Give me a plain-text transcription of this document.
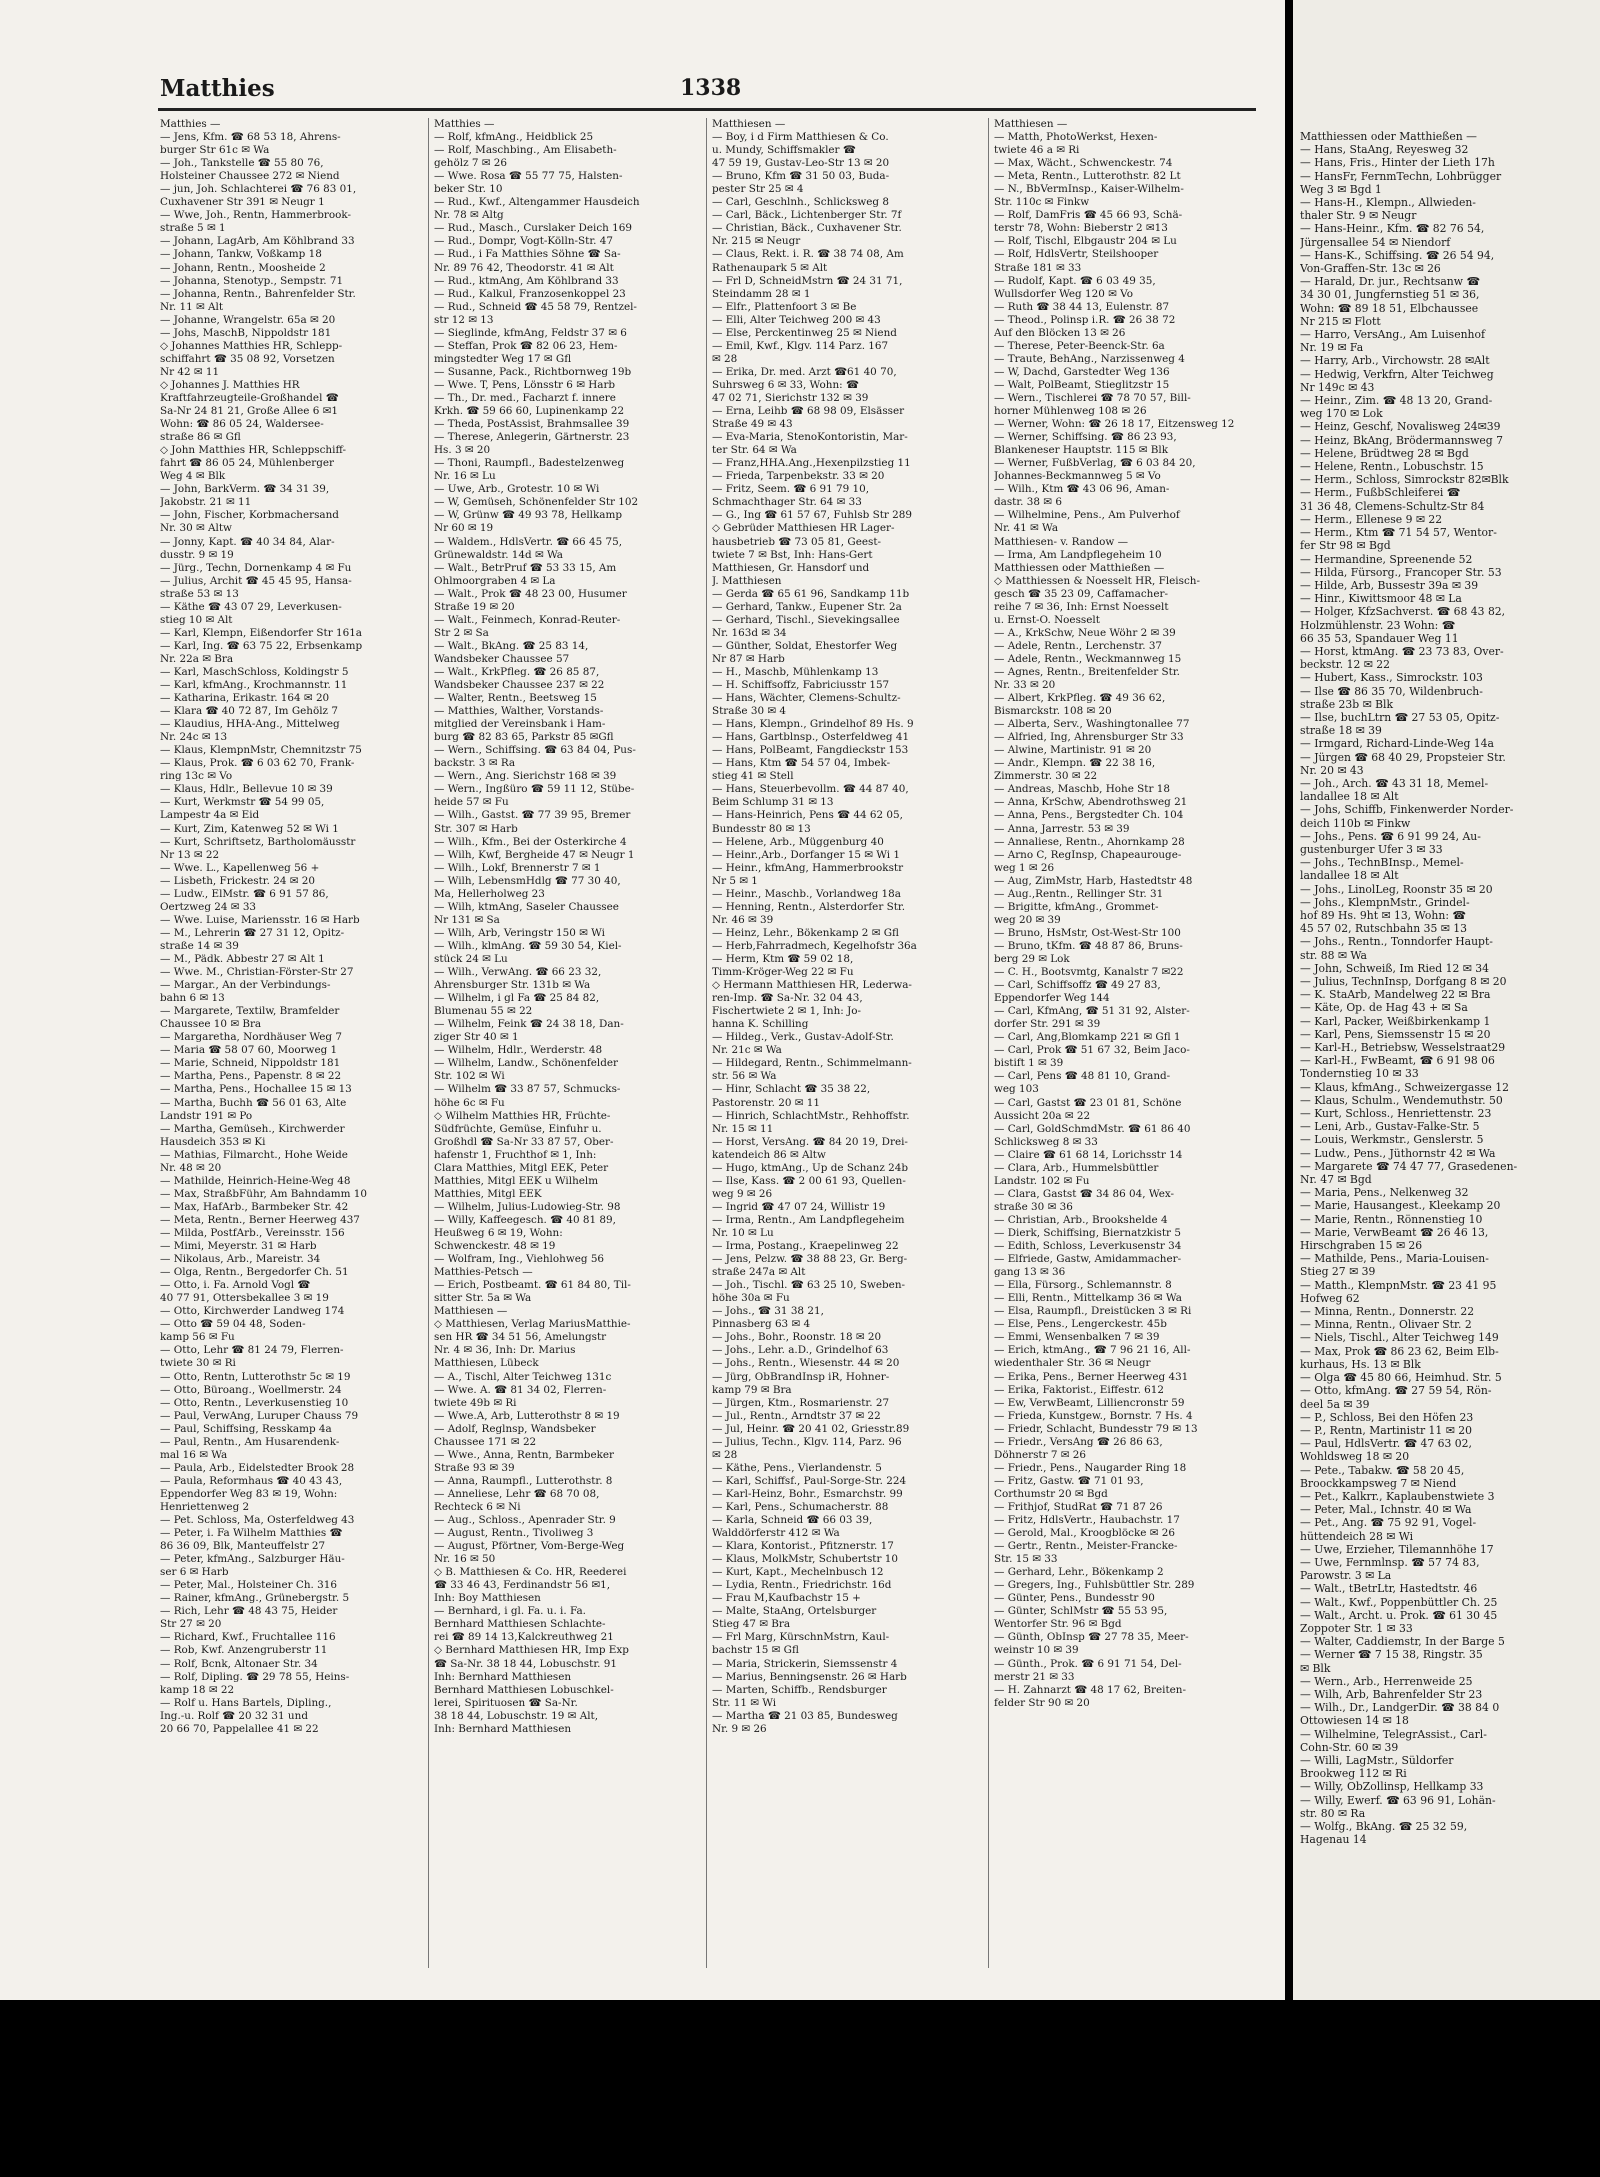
Matthies	1338
Matthies —
— Jens, Kfm. ☎ 68 53 18, Ahrens-
burger Str 61c ✉ Wa
— Joh., Tankstelle ☎ 55 80 76,
Holsteiner Chaussee 272 ✉ Niend
— jun, Joh. Schlachterei ☎ 76 83 01,
Cuxhavener Str 391 ✉ Neugr 1
— Wwe, Joh., Rentn, Hammerbrook-
straße 5 ✉ 1
— Johann, LagArb, Am Köhlbrand 33
— Johann, Tankw, Voßkamp 18
— Johann, Rentn., Moosheide 2
— Johanna, Stenotyp., Sempstr. 71
— Johanna, Rentn., Bahrenfelder Str.
Nr. 11 ✉ Alt
— Johanne, Wrangelstr. 65a ✉ 20
— Johs, MaschB, Nippoldstr 181
◇ Johannes Matthies HR, Schlepp-
schiffahrt ☎ 35 08 92, Vorsetzen
Nr 42 ✉ 11
◇ Johannes J. Matthies HR
Kraftfahrzeugteile-Großhandel ☎
Sa-Nr 24 81 21, Große Allee 6 ✉1
Wohn: ☎ 86 05 24, Waldersee-
straße 86 ✉ Gfl
◇ John Matthies HR, Schleppschiff-
fahrt ☎ 86 05 24, Mühlenberger
Weg 4 ✉ Blk
— John, BarkVerm. ☎ 34 31 39,
Jakobstr. 21 ✉ 11
— John, Fischer, Korbmachersand
Nr. 30 ✉ Altw
— Jonny, Kapt. ☎ 40 34 84, Alar-
dusstr. 9 ✉ 19
— Jürg., Techn, Dornenkamp 4 ✉ Fu
— Julius, Archit ☎ 45 45 95, Hansa-
straße 53 ✉ 13
— Käthe ☎ 43 07 29, Leverkusen-
stieg 10 ✉ Alt
— Karl, Klempn, Eißendorfer Str 161a
— Karl, Ing. ☎ 63 75 22, Erbsenkamp
Nr. 22a ✉ Bra
— Karl, MaschSchloss, Koldingstr 5
— Karl, kfmAng., Krochmannstr. 11
— Katharina, Erikastr. 164 ✉ 20
— Klara ☎ 40 72 87, Im Gehölz 7
— Klaudius, HHA-Ang., Mittelweg
Nr. 24c ✉ 13
— Klaus, KlempnMstr, Chemnitzstr 75
— Klaus, Prok. ☎ 6 03 62 70, Frank-
ring 13c ✉ Vo
— Klaus, Hdlr., Bellevue 10 ✉ 39
— Kurt, Werkmstr ☎ 54 99 05,
Lampestr 4a ✉ Eid
— Kurt, Zim, Katenweg 52 ✉ Wi 1
— Kurt, Schriftsetz, Bartholomäusstr
Nr 13 ✉ 22
— Wwe. L., Kapellenweg 56 +
— Lisbeth, Frickestr. 24 ✉ 20
— Ludw., ElMstr. ☎ 6 91 57 86,
Oertzweg 24 ✉ 33
— Wwe. Luise, Mariensstr. 16 ✉ Harb
— M., Lehrerin ☎ 27 31 12, Opitz-
straße 14 ✉ 39
— M., Pädk. Abbestr 27 ✉ Alt 1
— Wwe. M., Christian-Förster-Str 27
— Margar., An der Verbindungs-
bahn 6 ✉ 13
— Margarete, Textilw, Bramfelder
Chaussee 10 ✉ Bra
— Margaretha, Nordhäuser Weg 7
— Maria ☎ 58 07 60, Moorweg 1
— Marie, Schneid, Nippoldstr 181
— Martha, Pens., Papenstr. 8 ✉ 22
— Martha, Pens., Hochallee 15 ✉ 13
— Martha, Buchh ☎ 56 01 63, Alte
Landstr 191 ✉ Po
— Martha, Gemüseh., Kirchwerder
Hausdeich 353 ✉ Ki
— Mathias, Filmarcht., Hohe Weide
Nr. 48 ✉ 20
— Mathilde, Heinrich-Heine-Weg 48
— Max, StraßbFühr, Am Bahndamm 10
— Max, HafArb., Barmbeker Str. 42
— Meta, Rentn., Berner Heerweg 437
— Milda, PostfArb., Vereinsstr. 156
— Mimi, Meyerstr. 31 ✉ Harb
— Nikolaus, Arb., Mareistr. 34
— Olga, Rentn., Bergedorfer Ch. 51
— Otto, i. Fa. Arnold Vogl ☎
40 77 91, Ottersbekallee 3 ✉ 19
— Otto, Kirchwerder Landweg 174
— Otto ☎ 59 04 48, Soden-
kamp 56 ✉ Fu
— Otto, Lehr ☎ 81 24 79, Flerren-
twiete 30 ✉ Ri
— Otto, Rentn, Lutterothstr 5c ✉ 19
— Otto, Büroang., Woellmerstr. 24
— Otto, Rentn., Leverkusenstieg 10
— Paul, VerwAng, Luruper Chauss 79
— Paul, Schiffsing, Resskamp 4a
— Paul, Rentn., Am Husarendenk-
mal 16 ✉ Wa
— Paula, Arb., Eidelstedter Brook 28
— Paula, Reformhaus ☎ 40 43 43,
Eppendorfer Weg 83 ✉ 19, Wohn:
Henriettenweg 2
— Pet. Schloss, Ma, Osterfeldweg 43
— Peter, i. Fa Wilhelm Matthies ☎
86 36 09, Blk, Manteuffelstr 27
— Peter, kfmAng., Salzburger Häu-
ser 6 ✉ Harb
— Peter, Mal., Holsteiner Ch. 316
— Rainer, kfmAng., Grünebergstr. 5
— Rich, Lehr ☎ 48 43 75, Heider
Str 27 ✉ 20
— Richard, Kwf., Fruchtallee 116
— Rob, Kwf. Anzengruberstr 11
— Rolf, Bcnk, Altonaer Str. 34
— Rolf, Dipling. ☎ 29 78 55, Heins-
kamp 18 ✉ 22
— Rolf u. Hans Bartels, Dipling.,
Ing.-u. Rolf ☎ 20 32 31 und
20 66 70, Pappelallee 41 ✉ 22
Matthies —
— Rolf, kfmAng., Heidblick 25
— Rolf, Maschbing., Am Elisabeth-
gehölz 7 ✉ 26
— Wwe. Rosa ☎ 55 77 75, Halsten-
beker Str. 10
— Rud., Kwf., Altengammer Hausdeich
Nr. 78 ✉ Altg
— Rud., Masch., Curslaker Deich 169
— Rud., Dompr, Vogt-Kölln-Str. 47
— Rud., i Fa Matthies Söhne ☎ Sa-
Nr. 89 76 42, Theodorstr. 41 ✉ Alt
— Rud., ktmAng, Am Köhlbrand 33
— Rud., Kalkul, Franzosenkoppel 23
— Rud., Schneid ☎ 45 58 79, Rentzel-
str 12 ✉ 13
— Sieglinde, kfmAng, Feldstr 37 ✉ 6
— Steffan, Prok ☎ 82 06 23, Hem-
mingstedter Weg 17 ✉ Gfl
— Susanne, Pack., Richtbornweg 19b
— Wwe. T, Pens, Lönsstr 6 ✉ Harb
— Th., Dr. med., Facharzt f. innere
Krkh. ☎ 59 66 60, Lupinenkamp 22
— Theda, PostAssist, Brahmsallee 39
— Therese, Anlegerin, Gärtnerstr. 23
Hs. 3 ✉ 20
— Thoni, Raumpfl., Badestelzenweg
Nr. 16 ✉ Lu
— Uwe, Arb., Grotestr. 10 ✉ Wi
— W, Gemüseh, Schönenfelder Str 102
— W, Grünw ☎ 49 93 78, Hellkamp
Nr 60 ✉ 19
— Waldem., HdlsVertr. ☎ 66 45 75,
Grünewaldstr. 14d ✉ Wa
— Walt., BetrPruf ☎ 53 33 15, Am
Ohlmoorgraben 4 ✉ La
— Walt., Prok ☎ 48 23 00, Husumer
Straße 19 ✉ 20
— Walt., Feinmech, Konrad-Reuter-
Str 2 ✉ Sa
— Walt., BkAng. ☎ 25 83 14,
Wandsbeker Chaussee 57
— Walt., KrkPfleg. ☎ 26 85 87,
Wandsbeker Chaussee 237 ✉ 22
— Walter, Rentn., Beetsweg 15
— Matthies, Walther, Vorstands-
mitglied der Vereinsbank i Ham-
burg ☎ 82 83 65, Parkstr 85 ✉Gfl
— Wern., Schiffsing. ☎ 63 84 04, Pus-
backstr. 3 ✉ Ra
— Wern., Ang. Sierichstr 168 ✉ 39
— Wern., Ingßüro ☎ 59 11 12, Stübe-
heide 57 ✉ Fu
— Wilh., Gastst. ☎ 77 39 95, Bremer
Str. 307 ✉ Harb
— Wilh., Kfm., Bei der Osterkirche 4
— Wilh, Kwf, Bergheide 47 ✉ Neugr 1
— Wilh., Lokf, Brennerstr 7 ✉ 1
— Wilh, LebensmHdlg ☎ 77 30 40,
Ma, Hellerholweg 23
— Wilh, ktmAng, Saseler Chaussee
Nr 131 ✉ Sa
— Wilh, Arb, Veringstr 150 ✉ Wi
— Wilh., klmAng. ☎ 59 30 54, Kiel-
stück 24 ✉ Lu
— Wilh., VerwAng. ☎ 66 23 32,
Ahrensburger Str. 131b ✉ Wa
— Wilhelm, i gl Fa ☎ 25 84 82,
Blumenau 55 ✉ 22
— Wilhelm, Feink ☎ 24 38 18, Dan-
ziger Str 40 ✉ 1
— Wilhelm, Hdlr., Werderstr. 48
— Wilhelm, Landw., Schönenfelder
Str. 102 ✉ Wi
— Wilhelm ☎ 33 87 57, Schmucks-
höhe 6c ✉ Fu
◇ Wilhelm Matthies HR, Früchte-
Südfrüchte, Gemüse, Einfuhr u.
Großhdl ☎ Sa-Nr 33 87 57, Ober-
hafenstr 1, Fruchthof ✉ 1, Inh:
Clara Matthies, Mitgl EEK, Peter
Matthies, Mitgl EEK u Wilhelm
Matthies, Mitgl EEK
— Wilhelm, Julius-Ludowieg-Str. 98
— Willy, Kaffeegesch. ☎ 40 81 89,
Heußweg 6 ✉ 19, Wohn:
Schwenckestr. 48 ✉ 19
— Wolfram, Ing., Viehlohweg 56
Matthies-Petsch —
— Erich, Postbeamt. ☎ 61 84 80, Til-
sitter Str. 5a ✉ Wa
Matthiesen —
◇ Matthiesen, Verlag MariusMatthie-
sen HR ☎ 34 51 56, Amelungstr
Nr. 4 ✉ 36, Inh: Dr. Marius
Matthiesen, Lübeck
— A., Tischl, Alter Teichweg 131c
— Wwe. A. ☎ 81 34 02, Flerren-
twiete 49b ✉ Ri
— Wwe.A, Arb, Lutterothstr 8 ✉ 19
— Adolf, Reglnsp, Wandsbeker
Chaussee 171 ✉ 22
— Wwe., Anna, Rentn, Barmbeker
Straße 93 ✉ 39
— Anna, Raumpfl., Lutterothstr. 8
— Anneliese, Lehr ☎ 68 70 08,
Rechteck 6 ✉ Ni
— Aug., Schloss., Apenrader Str. 9
— August, Rentn., Tivoliweg 3
— August, Pförtner, Vom-Berge-Weg
Nr. 16 ✉ 50
◇ B. Matthiesen & Co. HR, Reederei
☎ 33 46 43, Ferdinandstr 56 ✉1,
Inh: Boy Matthiesen
— Bernhard, i gl. Fa. u. i. Fa.
Bernhard Matthiesen Schlachte-
rei ☎ 89 14 13,Kalckreuthweg 21
◇ Bernhard Matthiesen HR, Imp Exp
☎ Sa-Nr. 38 18 44, Lobuschstr. 91
Inh: Bernhard Matthiesen
Bernhard Matthiesen Lobuschkel-
lerei, Spirituosen ☎ Sa-Nr.
38 18 44, Lobuschstr. 19 ✉ Alt,
Inh: Bernhard Matthiesen
Matthiesen —
— Boy, i d Firm Matthiesen & Co.
u. Mundy, Schiffsmakler ☎
47 59 19, Gustav-Leo-Str 13 ✉ 20
— Bruno, Kfm ☎ 31 50 03, Buda-
pester Str 25 ✉ 4
— Carl, Geschlnh., Schlicksweg 8
— Carl, Bäck., Lichtenberger Str. 7f
— Christian, Bäck., Cuxhavener Str.
Nr. 215 ✉ Neugr
— Claus, Rekt. i. R. ☎ 38 74 08, Am
Rathenaupark 5 ✉ Alt
— Frl D, SchneidMstrn ☎ 24 31 71,
Steindamm 28 ✉ 1
— Elfr., Plattenfoort 3 ✉ Be
— Elli, Alter Teichweg 200 ✉ 43
— Else, Perckentinweg 25 ✉ Niend
— Emil, Kwf., Klgv. 114 Parz. 167
✉ 28
— Erika, Dr. med. Arzt ☎61 40 70,
Suhrsweg 6 ✉ 33, Wohn: ☎
47 02 71, Sierichstr 132 ✉ 39
— Erna, Leihb ☎ 68 98 09, Elsässer
Straße 49 ✉ 43
— Eva-Maria, StenoKontoristin, Mar-
ter Str. 64 ✉ Wa
— Franz,HHA.Ang.,Hexenpilzstieg 11
— Frieda, Tarpenbekstr. 33 ✉ 20
— Fritz, Seem. ☎ 6 91 79 10,
Schmachthager Str. 64 ✉ 33
— G., Ing ☎ 61 57 67, Fuhlsb Str 289
◇ Gebrüder Matthiesen HR Lager-
hausbetrieb ☎ 73 05 81, Geest-
twiete 7 ✉ Bst, Inh: Hans-Gert
Matthiesen, Gr. Hansdorf und
J. Matthiesen
— Gerda ☎ 65 61 96, Sandkamp 11b
— Gerhard, Tankw., Eupener Str. 2a
— Gerhard, Tischl., Sievekingsallee
Nr. 163d ✉ 34
— Günther, Soldat, Ehestorfer Weg
Nr 87 ✉ Harb
— H., Maschb, Mühlenkamp 13
— H. Schiffsoffz, Fabriciusstr 157
— Hans, Wächter, Clemens-Schultz-
Straße 30 ✉ 4
— Hans, Klempn., Grindelhof 89 Hs. 9
— Hans, Gartblnsp., Osterfeldweg 41
— Hans, PolBeamt, Fangdieckstr 153
— Hans, Ktm ☎ 54 57 04, Imbek-
stieg 41 ✉ Stell
— Hans, Steuerbevollm. ☎ 44 87 40,
Beim Schlump 31 ✉ 13
— Hans-Heinrich, Pens ☎ 44 62 05,
Bundesstr 80 ✉ 13
— Helene, Arb., Müggenburg 40
— Heinr.,Arb., Dorfanger 15 ✉ Wi 1
— Heinr., kfmAng, Hammerbrookstr
Nr 5 ✉ 1
— Heinr., Maschb., Vorlandweg 18a
— Henning, Rentn., Alsterdorfer Str.
Nr. 46 ✉ 39
— Heinz, Lehr., Bökenkamp 2 ✉ Gfl
— Herb,Fahrradmech, Kegelhofstr 36a
— Herm, Ktm ☎ 59 02 18,
Timm-Kröger-Weg 22 ✉ Fu
◇ Hermann Matthiesen HR, Lederwa-
ren-Imp. ☎ Sa-Nr. 32 04 43,
Fischertwiete 2 ✉ 1, Inh: Jo-
hanna K. Schilling
— Hildeg., Verk., Gustav-Adolf-Str.
Nr. 21c ✉ Wa
— Hildegard, Rentn., Schimmelmann-
str. 56 ✉ Wa
— Hinr, Schlacht ☎ 35 38 22,
Pastorenstr. 20 ✉ 11
— Hinrich, SchlachtMstr., Rehhoffstr.
Nr. 15 ✉ 11
— Horst, VersAng. ☎ 84 20 19, Drei-
katendeich 86 ✉ Altw
— Hugo, ktmAng., Up de Schanz 24b
— Ilse, Kass. ☎ 2 00 61 93, Quellen-
weg 9 ✉ 26
— Ingrid ☎ 47 07 24, Willistr 19
— Irma, Rentn., Am Landpflegeheim
Nr. 10 ✉ Lu
— Irma, Postang., Kraepelinweg 22
— Jens, Pelzw. ☎ 38 88 23, Gr. Berg-
straße 247a ✉ Alt
— Joh., Tischl. ☎ 63 25 10, Sweben-
höhe 30a ✉ Fu
— Johs., ☎ 31 38 21,
Pinnasberg 63 ✉ 4
— Johs., Bohr., Roonstr. 18 ✉ 20
— Johs., Lehr. a.D., Grindelhof 63
— Johs., Rentn., Wiesenstr. 44 ✉ 20
— Jürg, ObBrandInsp iR, Hohner-
kamp 79 ✉ Bra
— Jürgen, Ktm., Rosmarienstr. 27
— Jul., Rentn., Arndtstr 37 ✉ 22
— Jul, Heinr. ☎ 20 41 02, Griesstr.89
— Julius, Techn., Klgv. 114, Parz. 96
✉ 28
— Käthe, Pens., Vierlandenstr. 5
— Karl, Schiffsf., Paul-Sorge-Str. 224
— Karl-Heinz, Bohr., Esmarchstr. 99
— Karl, Pens., Schumacherstr. 88
— Karla, Schneid ☎ 66 03 39,
Walddörferstr 412 ✉ Wa
— Klara, Kontorist., Pfitznerstr. 17
— Klaus, MolkMstr, Schubertstr 10
— Kurt, Kapt., Mechelnbusch 12
— Lydia, Rentn., Friedrichstr. 16d
— Frau M,Kaufbachstr 15 +
— Malte, StaAng, Ortelsburger
Stieg 47 ✉ Bra
— Frl Marg, KürschnMstrn, Kaul-
bachstr 15 ✉ Gfl
— Maria, Strickerin, Siemssenstr 4
— Marius, Benningsenstr. 26 ✉ Harb
— Marten, Schiffb., Rendsburger
Str. 11 ✉ Wi
— Martha ☎ 21 03 85, Bundesweg
Nr. 9 ✉ 26
Matthiesen —
— Matth, PhotoWerkst, Hexen-
twiete 46 a ✉ Ri
— Max, Wächt., Schwenckestr. 74
— Meta, Rentn., Lutterothstr. 82 Lt
— N., BbVermInsp., Kaiser-Wilhelm-
Str. 110c ✉ Finkw
— Rolf, DamFris ☎ 45 66 93, Schä-
terstr 78, Wohn: Bieberstr 2 ✉13
— Rolf, Tischl, Elbgaustr 204 ✉ Lu
— Rolf, HdlsVertr, Steilshooper
Straße 181 ✉ 33
— Rudolf, Kapt. ☎ 6 03 49 35,
Wullsdorfer Weg 120 ✉ Vo
— Ruth ☎ 38 44 13, Eulenstr. 87
— Theod., Polinsp i.R. ☎ 26 38 72
Auf den Blöcken 13 ✉ 26
— Therese, Peter-Beenck-Str. 6a
— Traute, BehAng., Narzissenweg 4
— W, Dachd, Garstedter Weg 136
— Walt, PolBeamt, Stieglitzstr 15
— Wern., Tischlerei ☎ 78 70 57, Bill-
horner Mühlenweg 108 ✉ 26
— Werner, Wohn: ☎ 26 18 17, Eitzensweg 12
— Werner, Schiffsing. ☎ 86 23 93,
Blankeneser Hauptstr. 115 ✉ Blk
— Werner, FußbVerlag, ☎ 6 03 84 20,
Johannes-Beckmannweg 5 ✉ Vo
— Wilh., Ktm ☎ 43 06 96, Aman-
dastr. 38 ✉ 6
— Wilhelmine, Pens., Am Pulverhof
Nr. 41 ✉ Wa
Matthiesen- v. Randow —
— Irma, Am Landpflegeheim 10
Matthiessen oder Matthießen —
◇ Matthiessen & Noesselt HR, Fleisch-
gesch ☎ 35 23 09, Caffamacher-
reihe 7 ✉ 36, Inh: Ernst Noesselt
u. Ernst-O. Noesselt
— A., KrkSchw, Neue Wöhr 2 ✉ 39
— Adele, Rentn., Lerchenstr. 37
— Adele, Rentn., Weckmannweg 15
— Agnes, Rentn., Breitenfelder Str.
Nr. 33 ✉ 20
— Albert, KrkPfleg. ☎ 49 36 62,
Bismarckstr. 108 ✉ 20
— Alberta, Serv., Washingtonallee 77
— Alfried, Ing, Ahrensburger Str 33
— Alwine, Martinistr. 91 ✉ 20
— Andr., Klempn. ☎ 22 38 16,
Zimmerstr. 30 ✉ 22
— Andreas, Maschb, Hohe Str 18
— Anna, KrSchw, Abendrothsweg 21
— Anna, Pens., Bergstedter Ch. 104
— Anna, Jarrestr. 53 ✉ 39
— Annaliese, Rentn., Ahornkamp 28
— Arno C, RegInsp, Chapeaurouge-
weg 1 ✉ 26
— Aug, ZimMstr, Harb, Hastedtstr 48
— Aug.,Rentn., Rellinger Str. 31
— Brigitte, kfmAng., Grommet-
weg 20 ✉ 39
— Bruno, HsMstr, Ost-West-Str 100
— Bruno, tKfm. ☎ 48 87 86, Bruns-
berg 29 ✉ Lok
— C. H., Bootsvmtg, Kanalstr 7 ✉22
— Carl, Schiffsoffz ☎ 49 27 83,
Eppendorfer Weg 144
— Carl, KfmAng, ☎ 51 31 92, Alster-
dorfer Str. 291 ✉ 39
— Carl, Ang,Blomkamp 221 ✉ Gfl 1
— Carl, Prok ☎ 51 67 32, Beim Jaco-
bistift 1 ✉ 39
— Carl, Pens ☎ 48 81 10, Grand-
weg 103
— Carl, Gastst ☎ 23 01 81, Schöne
Aussicht 20a ✉ 22
— Carl, GoldSchmdMstr. ☎ 61 86 40
Schlicksweg 8 ✉ 33
— Claire ☎ 61 68 14, Lorichsstr 14
— Clara, Arb., Hummelsbüttler
Landstr. 102 ✉ Fu
— Clara, Gastst ☎ 34 86 04, Wex-
straße 30 ✉ 36
— Christian, Arb., Brookshelde 4
— Dierk, Schiffsing, Biernatzkistr 5
— Edith, Schloss, Leverkusenstr 34
— Elfriede, Gastw, Amidammacher-
gang 13 ✉ 36
— Ella, Fürsorg., Schlemannstr. 8
— Elli, Rentn., Mittelkamp 36 ✉ Wa
— Elsa, Raumpfl., Dreistücken 3 ✉ Ri
— Else, Pens., Lengerckestr. 45b
— Emmi, Wensenbalken 7 ✉ 39
— Erich, ktmAng., ☎ 7 96 21 16, All-
wiedenthaler Str. 36 ✉ Neugr
— Erika, Pens., Berner Heerweg 431
— Erika, Faktorist., Eiffestr. 612
— Ew, VerwBeamt, Lilliencronstr 59
— Frieda, Kunstgew., Bornstr. 7 Hs. 4
— Friedr, Schlacht, Bundesstr 79 ✉ 13
— Friedr., VersAng ☎ 26 86 63,
Döhnerstr 7 ✉ 26
— Friedr., Pens., Naugarder Ring 18
— Fritz, Gastw. ☎ 71 01 93,
Corthumstr 20 ✉ Bgd
— Frithjof, StudRat ☎ 71 87 26
— Fritz, HdlsVertr., Haubachstr. 17
— Gerold, Mal., Kroogblöcke ✉ 26
— Gertr., Rentn., Meister-Francke-
Str. 15 ✉ 33
— Gerhard, Lehr., Bökenkamp 2
— Gregers, Ing., Fuhlsbüttler Str. 289
— Günter, Pens., Bundesstr 90
— Günter, SchlMstr ☎ 55 53 95,
Wentorfer Str. 96 ✉ Bgd
— Günth, ObInsp ☎ 27 78 35, Meer-
weinstr 10 ✉ 39
— Günth., Prok. ☎ 6 91 71 54, Del-
merstr 21 ✉ 33
— H. Zahnarzt ☎ 48 17 62, Breiten-
felder Str 90 ✉ 20
Matthiessen oder Matthießen —
— Hans, StaAng, Reyesweg 32
— Hans, Fris., Hinter der Lieth 17h
— HansFr, FernmTechn, Lohbrügger
Weg 3 ✉ Bgd 1
— Hans-H., Klempn., Allwieden-
thaler Str. 9 ✉ Neugr
— Hans-Heinr., Kfm. ☎ 82 76 54,
Jürgensallee 54 ✉ Niendorf
— Hans-K., Schiffsing. ☎ 26 54 94,
Von-Graffen-Str. 13c ✉ 26
— Harald, Dr. jur., Rechtsanw ☎
34 30 01, Jungfernstieg 51 ✉ 36,
Wohn: ☎ 89 18 51, Elbchaussee
Nr 215 ✉ Flott
— Harro, VersAng., Am Luisenhof
Nr. 19 ✉ Fa
— Harry, Arb., Virchowstr. 28 ✉Alt
— Hedwig, Verkfrn, Alter Teichweg
Nr 149c ✉ 43
— Heinr., Zim. ☎ 48 13 20, Grand-
weg 170 ✉ Lok
— Heinz, Geschf, Novalisweg 24✉39
— Heinz, BkAng, Brödermannsweg 7
— Helene, Brüdtweg 28 ✉ Bgd
— Helene, Rentn., Lobuschstr. 15
— Herm., Schloss, Simrockstr 82✉Blk
— Herm., FußbSchleiferei ☎
31 36 48, Clemens-Schultz-Str 84
— Herm., Ellenese 9 ✉ 22
— Herm., Ktm ☎ 71 54 57, Wentor-
fer Str 98 ✉ Bgd
— Hermandine, Spreenende 52
— Hilda, Fürsorg., Francoper Str. 53
— Hilde, Arb, Bussestr 39a ✉ 39
— Hinr., Kiwittsmoor 48 ✉ La
— Holger, KfzSachverst. ☎ 68 43 82,
Holzmühlenstr. 23 Wohn: ☎
66 35 53, Spandauer Weg 11
— Horst, ktmAng. ☎ 23 73 83, Over-
beckstr. 12 ✉ 22
— Hubert, Kass., Simrockstr. 103
— Ilse ☎ 86 35 70, Wildenbruch-
straße 23b ✉ Blk
— Ilse, buchLtrn ☎ 27 53 05, Opitz-
straße 18 ✉ 39
— Irmgard, Richard-Linde-Weg 14a
— Jürgen ☎ 68 40 29, Propsteier Str.
Nr. 20 ✉ 43
— Joh., Arch. ☎ 43 31 18, Memel-
landallee 18 ✉ Alt
— Johs, Schiffb, Finkenwerder Norder-
deich 110b ✉ Finkw
— Johs., Pens. ☎ 6 91 99 24, Au-
gustenburger Ufer 3 ✉ 33
— Johs., TechnBInsp., Memel-
landallee 18 ✉ Alt
— Johs., LinolLeg, Roonstr 35 ✉ 20
— Johs., KlempnMstr., Grindel-
hof 89 Hs. 9ht ✉ 13, Wohn: ☎
45 57 02, Rutschbahn 35 ✉ 13
— Johs., Rentn., Tonndorfer Haupt-
str. 88 ✉ Wa
— John, Schweiß, Im Ried 12 ✉ 34
— Julius, TechnInsp, Dorfgang 8 ✉ 20
— K. StaArb, Mandelweg 22 ✉ Bra
— Käte, Op. de Hag 43 + ✉ Sa
— Karl, Packer, Weißbirkenkamp 1
— Karl, Pens, Siemssenstr 15 ✉ 20
— Karl-H., Betriebsw, Wesselstraat29
— Karl-H., FwBeamt, ☎ 6 91 98 06
Tondernstieg 10 ✉ 33
— Klaus, kfmAng., Schweizergasse 12
— Klaus, Schulm., Wendemuthstr. 50
— Kurt, Schloss., Henriettenstr. 23
— Leni, Arb., Gustav-Falke-Str. 5
— Louis, Werkmstr., Genslerstr. 5
— Ludw., Pens., Jüthornstr 42 ✉ Wa
— Margarete ☎ 74 47 77, Grasedenen-
Nr. 47 ✉ Bgd
— Maria, Pens., Nelkenweg 32
— Marie, Hausangest., Kleekamp 20
— Marie, Rentn., Rönnenstieg 10
— Marie, VerwBeamt ☎ 26 46 13,
Hirschgraben 15 ✉ 26
— Mathilde, Pens., Maria-Louisen-
Stieg 27 ✉ 39
— Matth., KlempnMstr. ☎ 23 41 95
Hofweg 62
— Minna, Rentn., Donnerstr. 22
— Minna, Rentn., Olivaer Str. 2
— Niels, Tischl., Alter Teichweg 149
— Max, Prok ☎ 86 23 62, Beim Elb-
kurhaus, Hs. 13 ✉ Blk
— Olga ☎ 45 80 66, Heimhud. Str. 5
— Otto, kfmAng. ☎ 27 59 54, Rön-
deel 5a ✉ 39
— P., Schloss, Bei den Höfen 23
— P., Rentn, Martinistr 11 ✉ 20
— Paul, HdlsVertr. ☎ 47 63 02,
Wohldsweg 18 ✉ 20
— Pete., Tabakw. ☎ 58 20 45,
Broockkampsweg 7 ✉ Niend
— Pet., Kalkrr., Kaplaubenstwiete 3
— Peter, Mal., Ichnstr. 40 ✉ Wa
— Pet., Ang. ☎ 75 92 91, Vogel-
hüttendeich 28 ✉ Wi
— Uwe, Erzieher, Tilemannhöhe 17
— Uwe, Fernmlnsp. ☎ 57 74 83,
Parowstr. 3 ✉ La
— Walt., tBetrLtr, Hastedtstr. 46
— Walt., Kwf., Poppenbüttler Ch. 25
— Walt., Archt. u. Prok. ☎ 61 30 45
Zoppoter Str. 1 ✉ 33
— Walter, Caddiemstr, In der Barge 5
— Werner ☎ 7 15 38, Ringstr. 35
✉ Blk
— Wern., Arb., Herrenweide 25
— Wilh, Arb, Bahrenfelder Str 23
— Wilh., Dr., LandgerDir. ☎ 38 84 0
Ottowiesen 14 ✉ 18
— Wilhelmine, TelegrAssist., Carl-
Cohn-Str. 60 ✉ 39
— Willi, LagMstr., Süldorfer
Brookweg 112 ✉ Ri
— Willy, ObZollinsp, Hellkamp 33
— Willy, Ewerf. ☎ 63 96 91, Lohän-
str. 80 ✉ Ra
— Wolfg., BkAng. ☎ 25 32 59,
Hagenau 14
